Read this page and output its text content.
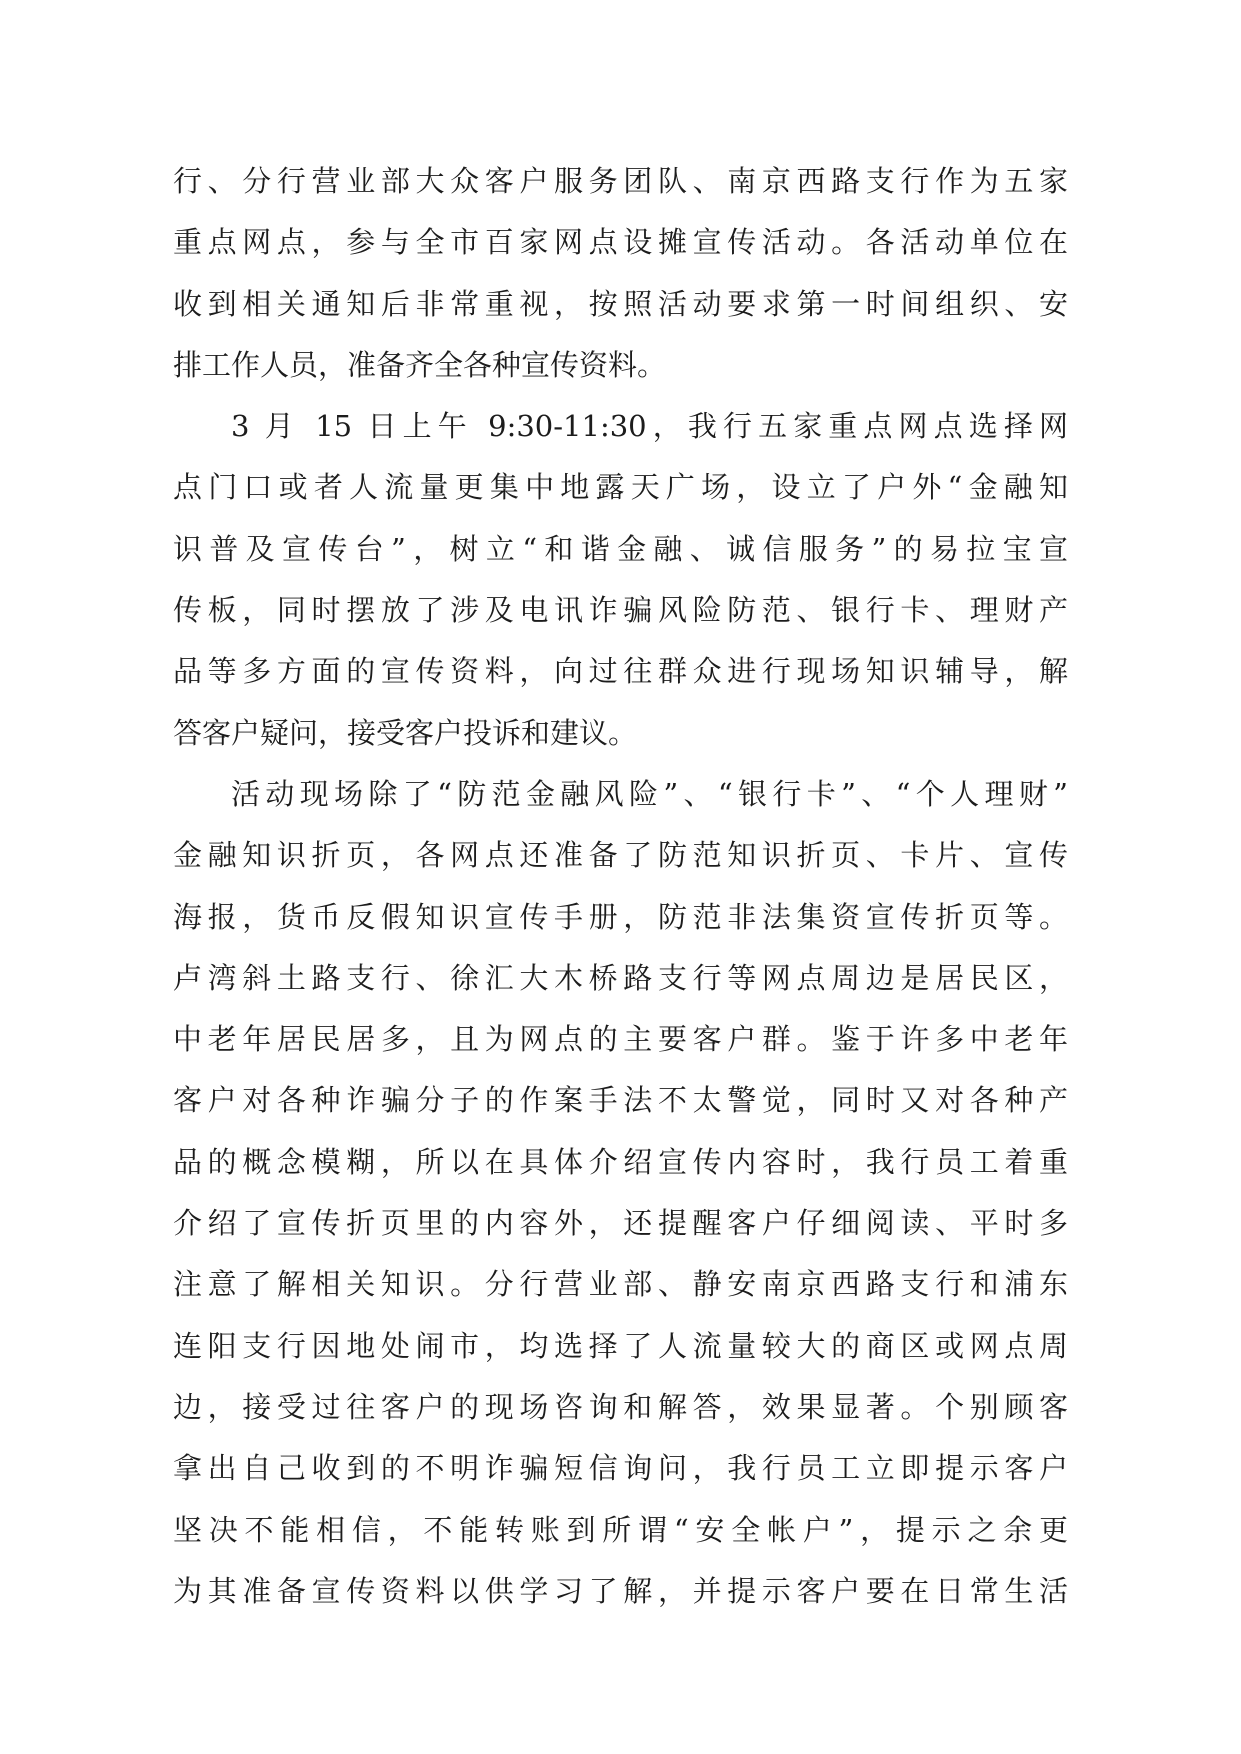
行、分行营业部大众客户服务团队、南京西路支行作为五家
重点网点，参与全市百家网点设摊宣传活动。各活动单位在
收到相关通知后非常重视，按照活动要求第一时间组织、安
排工作人员，准备齐全各种宣传资料。
3 月 15 日上午 9:30-11:30，我行五家重点网点选择网
点门口或者人流量更集中地露天广场，设立了户外“金融知
识普及宣传台”，树立“和谐金融、诚信服务”的易拉宝宣
传板，同时摆放了涉及电讯诈骗风险防范、银行卡、理财产
品等多方面的宣传资料，向过往群众进行现场知识辅导，解
答客户疑问，接受客户投诉和建议。
活动现场除了“防范金融风险”、“银行卡”、“个人理财”
金融知识折页，各网点还准备了防范知识折页、卡片、宣传
海报，货币反假知识宣传手册，防范非法集资宣传折页等。
卢湾斜土路支行、徐汇大木桥路支行等网点周边是居民区，
中老年居民居多，且为网点的主要客户群。鉴于许多中老年
客户对各种诈骗分子的作案手法不太警觉，同时又对各种产
品的概念模糊，所以在具体介绍宣传内容时，我行员工着重
介绍了宣传折页里的内容外，还提醒客户仔细阅读、平时多
注意了解相关知识。分行营业部、静安南京西路支行和浦东
连阳支行因地处闹市，均选择了人流量较大的商区或网点周
边，接受过往客户的现场咨询和解答，效果显著。个别顾客
拿出自己收到的不明诈骗短信询问，我行员工立即提示客户
坚决不能相信，不能转账到所谓“安全帐户”，提示之余更
为其准备宣传资料以供学习了解，并提示客户要在日常生活
